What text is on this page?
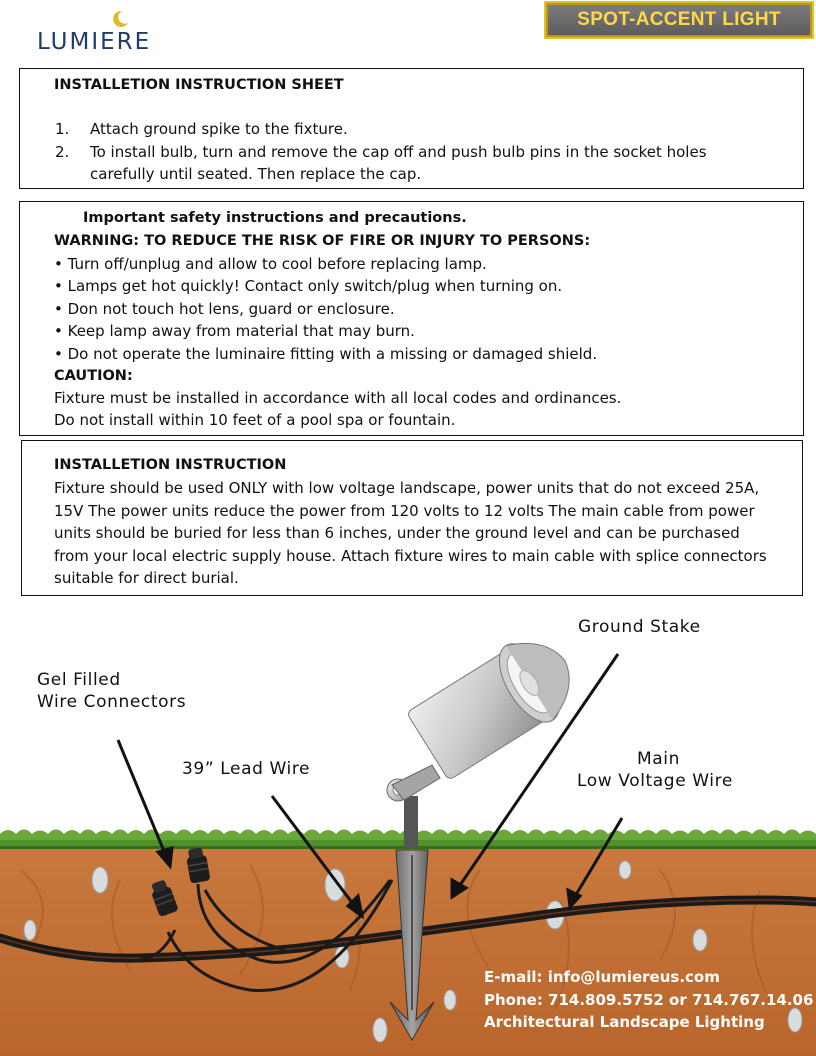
LUMIERE
SPOT-ACCENT LIGHT

INSTALLETION INSTRUCTION SHEET

1. Attach ground spike to the fixture.

2. To install bulb, turn and remove the cap off and push bulb pins in the socket holes

carefully until seated. Then replace the cap.

Important safety instructions and precautions.

WARNING: TO REDUCE THE RISK OF FIRE OR INJURY TO PERSONS:

• Turn off/unplug and allow to cool before replacing lamp.

• Lamps get hot quickly! Contact only switch/plug when turning on.

• Don not touch hot lens, guard or enclosure.

• Keep lamp away from material that may burn.

• Do not operate the luminaire fitting with a missing or damaged shield.

CAUTION:

Fixture must be installed in accordance with all local codes and ordinances.

Do not install within 10 feet of a pool spa or fountain.

INSTALLETION INSTRUCTION

Fixture should be used ONLY with low voltage landscape, power units that do not exceed 25A,

15V The power units reduce the power from 120 volts to 12 volts The main cable from power

units should be buried for less than 6 inches, under the ground level and can be purchased

from your local electric supply house. Attach fixture wires to main cable with splice connectors

suitable for direct burial.

Ground Stake
Gel Filled
Wire Connectors
39” Lead Wire	Main
Low Voltage Wire
E-mail: info@lumiereus.com
Phone: 714.809.5752 or 714.767.14.06
Architectural Landscape Lighting
